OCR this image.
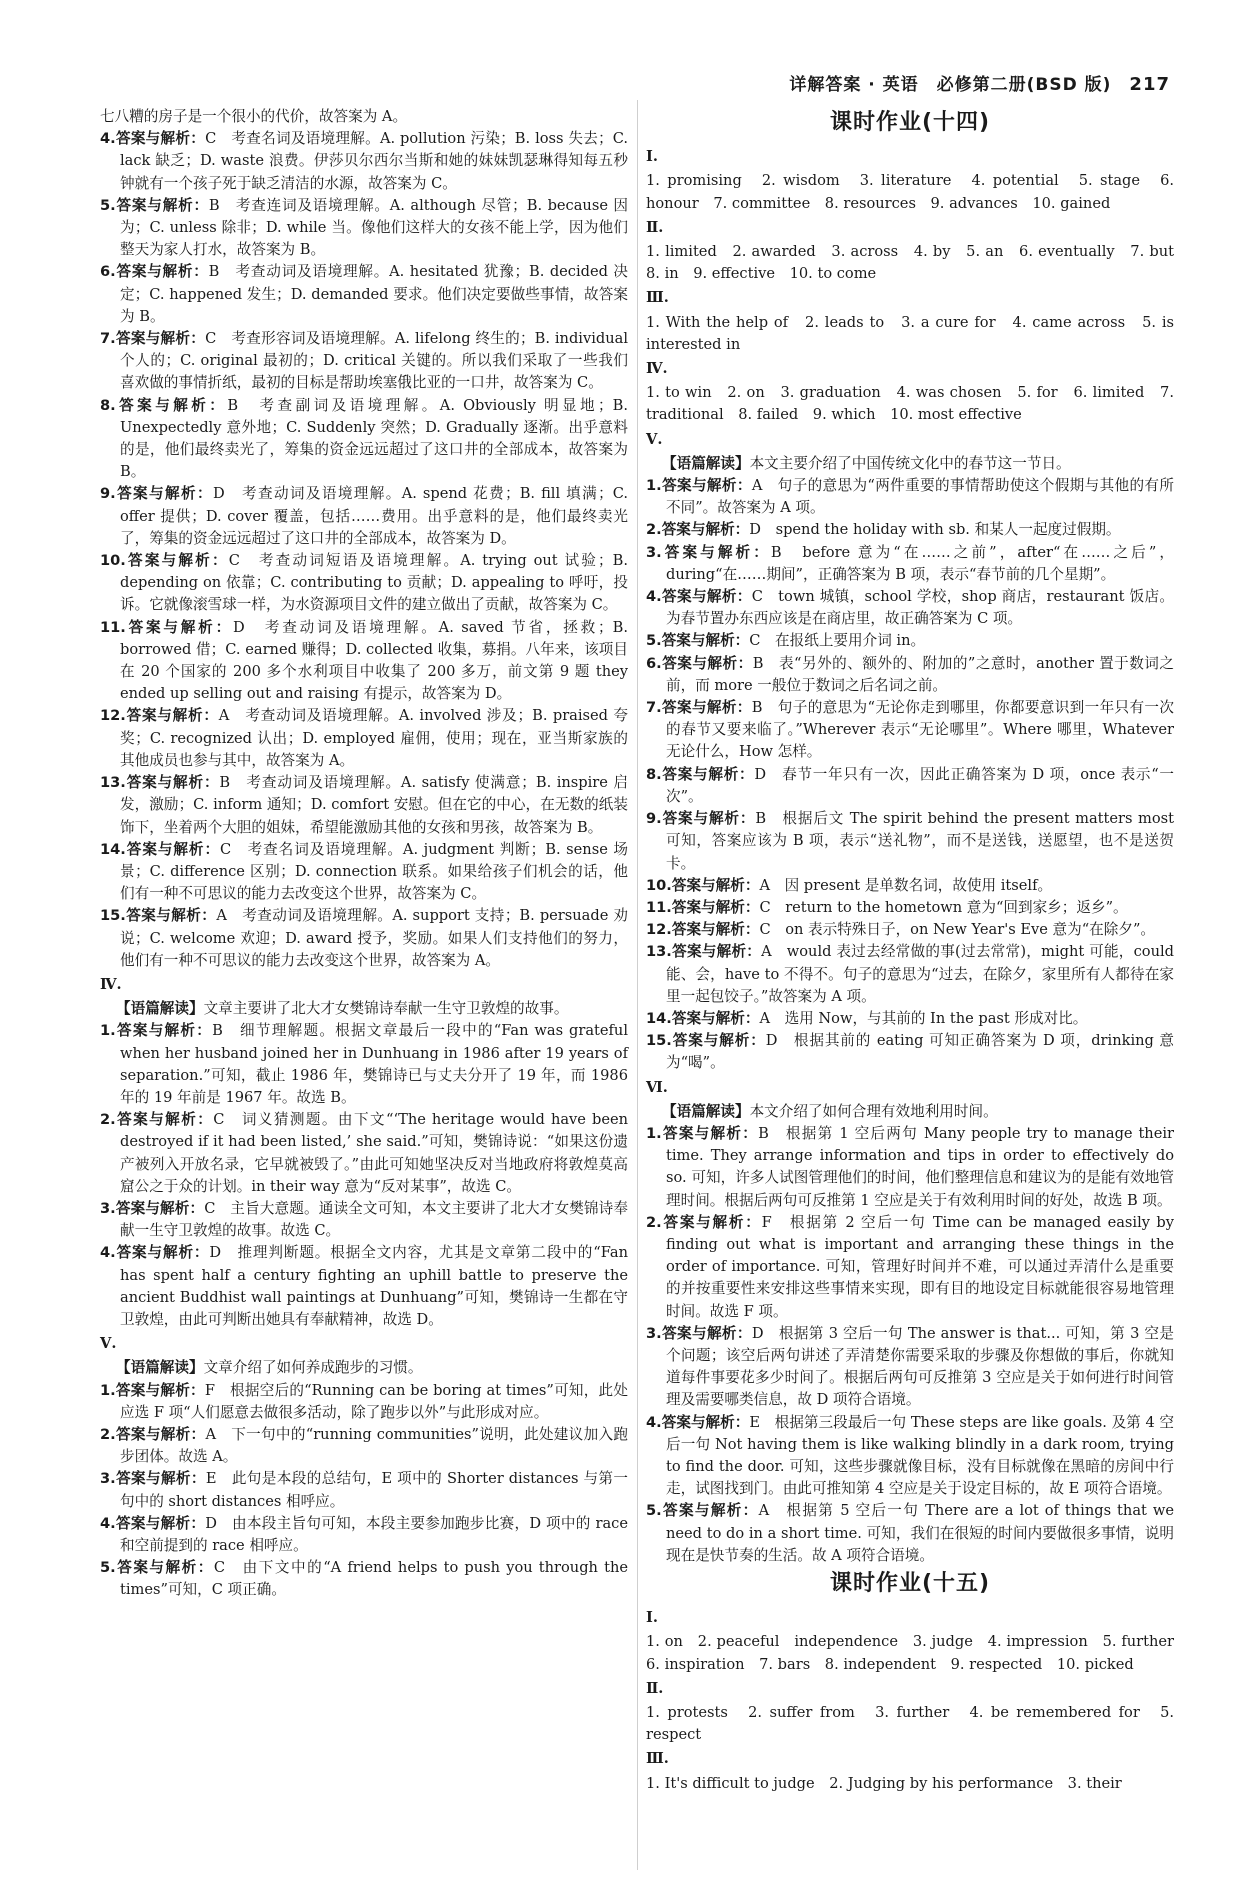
详解答案 · 英语　必修第二册(BSD 版) 217

七八糟的房子是一个很小的代价，故答案为 A。

4.答案与解析：C　考查名词及语境理解。A. pollution 污染；B. loss 失去；C. lack 缺乏；D. waste 浪费。伊莎贝尔西尔当斯和她的妹妹凯瑟琳得知每五秒钟就有一个孩子死于缺乏清洁的水源，故答案为 C。

5.答案与解析：B　考查连词及语境理解。A. although 尽管；B. because 因为；C. unless 除非；D. while 当。像他们这样大的女孩不能上学，因为他们整天为家人打水，故答案为 B。

6.答案与解析：B　考查动词及语境理解。A. hesitated 犹豫；B. decided 决定；C. happened 发生；D. demanded 要求。他们决定要做些事情，故答案为 B。

7.答案与解析：C　考查形容词及语境理解。A. lifelong 终生的；B. individual 个人的；C. original 最初的；D. critical 关键的。所以我们采取了一些我们喜欢做的事情折纸，最初的目标是帮助埃塞俄比亚的一口井，故答案为 C。

8.答案与解析：B　考查副词及语境理解。A. Obviously 明显地；B. Unexpectedly 意外地；C. Suddenly 突然；D. Gradually 逐渐。出乎意料的是，他们最终卖光了，筹集的资金远远超过了这口井的全部成本，故答案为 B。

9.答案与解析：D　考查动词及语境理解。A. spend 花费；B. fill 填满；C. offer 提供；D. cover 覆盖，包括……费用。出乎意料的是，他们最终卖光了，筹集的资金远远超过了这口井的全部成本，故答案为 D。

10.答案与解析：C　考查动词短语及语境理解。A. trying out 试验；B. depending on 依靠；C. contributing to 贡献；D. appealing to 呼吁，投诉。它就像滚雪球一样，为水资源项目文件的建立做出了贡献，故答案为 C。

11.答案与解析：D　考查动词及语境理解。A. saved 节省，拯救；B. borrowed 借；C. earned 赚得；D. collected 收集，募捐。八年来，该项目在 20 个国家的 200 多个水利项目中收集了 200 多万，前文第 9 题 they ended up selling out and raising 有提示，故答案为 D。

12.答案与解析：A　考查动词及语境理解。A. involved 涉及；B. praised 夸奖；C. recognized 认出；D. employed 雇佣，使用；现在，亚当斯家族的其他成员也参与其中，故答案为 A。

13.答案与解析：B　考查动词及语境理解。A. satisfy 使满意；B. inspire 启发，激励；C. inform 通知；D. comfort 安慰。但在它的中心，在无数的纸装饰下，坐着两个大胆的姐妹，希望能激励其他的女孩和男孩，故答案为 B。

14.答案与解析：C　考查名词及语境理解。A. judgment 判断；B. sense 场景；C. difference 区别；D. connection 联系。如果给孩子们机会的话，他们有一种不可思议的能力去改变这个世界，故答案为 C。

15.答案与解析：A　考查动词及语境理解。A. support 支持；B. persuade 劝说；C. welcome 欢迎；D. award 授予，奖励。如果人们支持他们的努力，他们有一种不可思议的能力去改变这个世界，故答案为 A。

Ⅳ.

【语篇解读】文章主要讲了北大才女樊锦诗奉献一生守卫敦煌的故事。

1.答案与解析：B　细节理解题。根据文章最后一段中的“Fan was grateful when her husband joined her in Dunhuang in 1986 after 19 years of separation.”可知，截止 1986 年，樊锦诗已与丈夫分开了 19 年，而 1986 年的 19 年前是 1967 年。故选 B。

2.答案与解析：C　词义猜测题。由下文“‘The heritage would have been destroyed if it had been listed,’ she said.”可知，樊锦诗说：“如果这份遗产被列入开放名录，它早就被毁了。”由此可知她坚决反对当地政府将敦煌莫高窟公之于众的计划。in their way 意为“反对某事”，故选 C。

3.答案与解析：C　主旨大意题。通读全文可知，本文主要讲了北大才女樊锦诗奉献一生守卫敦煌的故事。故选 C。

4.答案与解析：D　推理判断题。根据全文内容，尤其是文章第二段中的“Fan has spent half a century fighting an uphill battle to preserve the ancient Buddhist wall paintings at Dunhuang”可知，樊锦诗一生都在守卫敦煌，由此可判断出她具有奉献精神，故选 D。

Ⅴ.

【语篇解读】文章介绍了如何养成跑步的习惯。

1.答案与解析：F　根据空后的“Running can be boring at times”可知，此处应选 F 项“人们愿意去做很多活动，除了跑步以外”与此形成对应。

2.答案与解析：A　下一句中的“running communities”说明，此处建议加入跑步团体。故选 A。

3.答案与解析：E　此句是本段的总结句，E 项中的 Shorter distances 与第一句中的 short distances 相呼应。

4.答案与解析：D　由本段主旨句可知，本段主要参加跑步比赛，D 项中的 race 和空前提到的 race 相呼应。

5.答案与解析：C　由下文中的“A friend helps to push you through the times”可知，C 项正确。

课时作业(十四)

Ⅰ.

1. promising　2. wisdom　3. literature　4. potential　5. stage　6. honour　7. committee　8. resources　9. advances　10. gained

Ⅱ.

1. limited　2. awarded　3. across　4. by　5. an　6. eventually　7. but　8. in　9. effective　10. to come

Ⅲ.

1. With the help of　2. leads to　3. a cure for　4. came across　5. is interested in

Ⅳ.

1. to win　2. on　3. graduation　4. was chosen　5. for　6. limited　7. traditional　8. failed　9. which　10. most effective

Ⅴ.

【语篇解读】本文主要介绍了中国传统文化中的春节这一节日。

1.答案与解析：A　句子的意思为“两件重要的事情帮助使这个假期与其他的有所不同”。故答案为 A 项。

2.答案与解析：D　spend the holiday with sb. 和某人一起度过假期。

3.答案与解析：B　before 意为“在……之前”，after“在……之后”，during“在……期间”，正确答案为 B 项，表示“春节前的几个星期”。

4.答案与解析：C　town 城镇，school 学校，shop 商店，restaurant 饭店。为春节置办东西应该是在商店里，故正确答案为 C 项。

5.答案与解析：C　在报纸上要用介词 in。

6.答案与解析：B　表“另外的、额外的、附加的”之意时，another 置于数词之前，而 more 一般位于数词之后名词之前。

7.答案与解析：B　句子的意思为“无论你走到哪里，你都要意识到一年只有一次的春节又要来临了。”Wherever 表示“无论哪里”。Where 哪里，Whatever 无论什么，How 怎样。

8.答案与解析：D　春节一年只有一次，因此正确答案为 D 项，once 表示“一次”。

9.答案与解析：B　根据后文 The spirit behind the present matters most 可知，答案应该为 B 项，表示“送礼物”，而不是送钱，送愿望，也不是送贺卡。

10.答案与解析：A　因 present 是单数名词，故使用 itself。

11.答案与解析：C　return to the hometown 意为“回到家乡；返乡”。

12.答案与解析：C　on 表示特殊日子，on New Year's Eve 意为“在除夕”。

13.答案与解析：A　would 表过去经常做的事(过去常常)，might 可能，could 能、会，have to 不得不。句子的意思为“过去，在除夕，家里所有人都待在家里一起包饺子。”故答案为 A 项。

14.答案与解析：A　选用 Now，与其前的 In the past 形成对比。

15.答案与解析：D　根据其前的 eating 可知正确答案为 D 项，drinking 意为“喝”。

Ⅵ.

【语篇解读】本文介绍了如何合理有效地利用时间。

1.答案与解析：B　根据第 1 空后两句 Many people try to manage their time. They arrange information and tips in order to effectively do so. 可知，许多人试图管理他们的时间，他们整理信息和建议为的是能有效地管理时间。根据后两句可反推第 1 空应是关于有效利用时间的好处，故选 B 项。

2.答案与解析：F　根据第 2 空后一句 Time can be managed easily by finding out what is important and arranging these things in the order of importance. 可知，管理好时间并不难，可以通过弄清什么是重要的并按重要性来安排这些事情来实现，即有目的地设定目标就能很容易地管理时间。故选 F 项。

3.答案与解析：D　根据第 3 空后一句 The answer is that... 可知，第 3 空是个问题；该空后两句讲述了弄清楚你需要采取的步骤及你想做的事后，你就知道每件事要花多少时间了。根据后两句可反推第 3 空应是关于如何进行时间管理及需要哪类信息，故 D 项符合语境。

4.答案与解析：E　根据第三段最后一句 These steps are like goals. 及第 4 空后一句 Not having them is like walking blindly in a dark room, trying to find the door. 可知，这些步骤就像目标，没有目标就像在黑暗的房间中行走，试图找到门。由此可推知第 4 空应是关于设定目标的，故 E 项符合语境。

5.答案与解析：A　根据第 5 空后一句 There are a lot of things that we need to do in a short time. 可知，我们在很短的时间内要做很多事情，说明现在是快节奏的生活。故 A 项符合语境。

课时作业(十五)

Ⅰ.

1. on　2. peaceful　independence　3. judge　4. impression　5. further　6. inspiration　7. bars　8. independent　9. respected　10. picked

Ⅱ.

1. protests　2. suffer from　3. further　4. be remembered for　5. respect

Ⅲ.

1. It's difficult to judge　2. Judging by his performance　3. their
